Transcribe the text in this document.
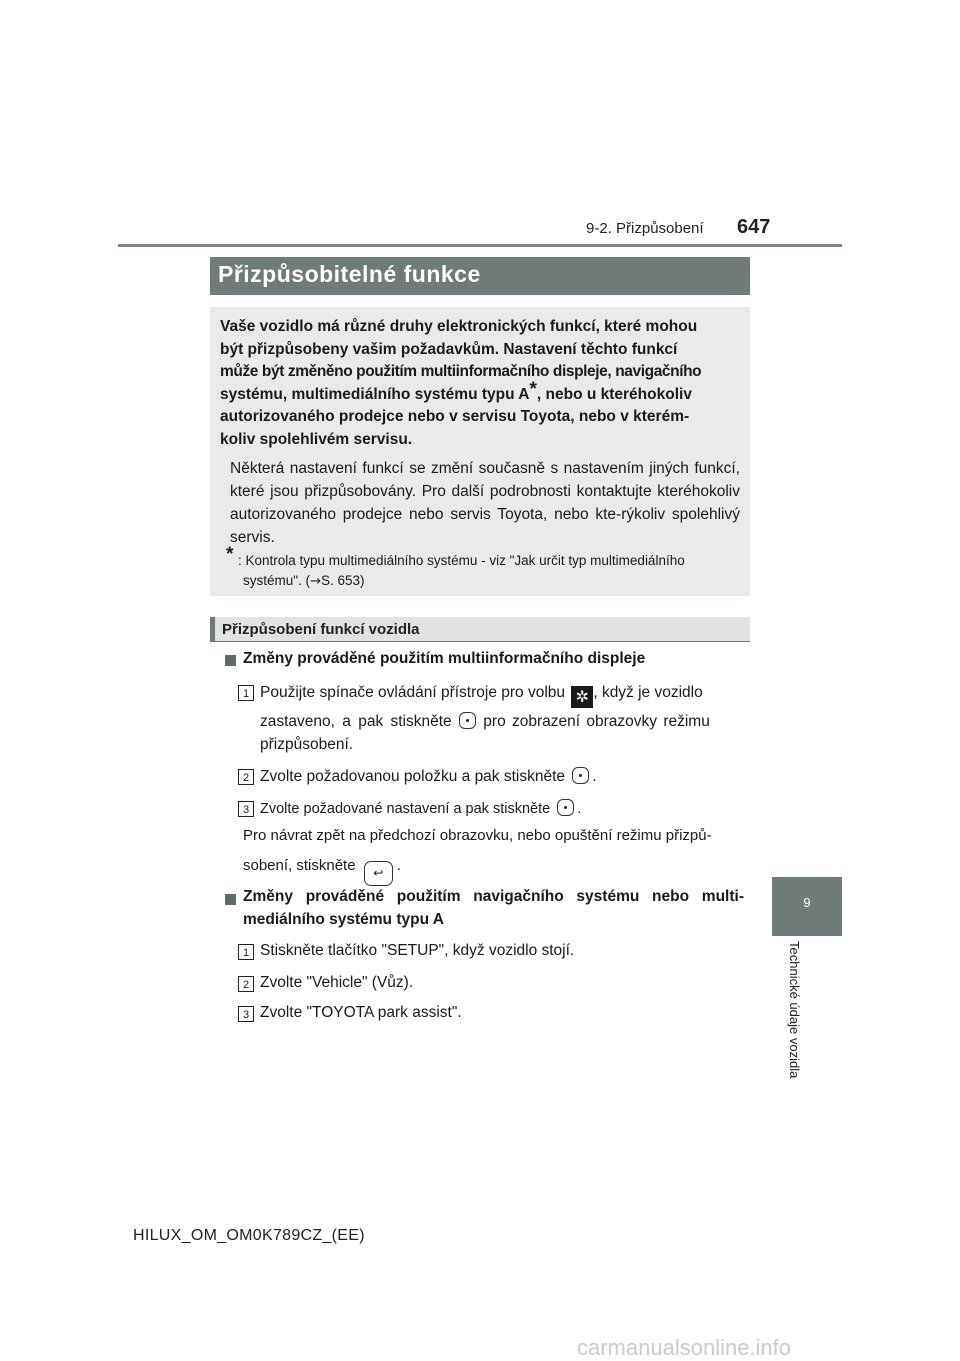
9-2. Přizpůsobení 647
9
Technické údaje vozidla
Přizpůsobitelné funkce
Vaše vozidlo má různé druhy elektronických funkcí, které mohou
být přizpůsobeny vašim požadavkům. Nastavení těchto funkcí
může být změněno použitím multiinformačního displeje, navigačního
systému, multimediálního systému typu A*, nebo u kteréhokoliv
autorizovaného prodejce nebo v servisu Toyota, nebo v kterém-
koliv spolehlivém servisu.
Některá nastavení funkcí se změní současně s nastavením jiných funkcí, které jsou přizpůsobovány. Pro další podrobnosti kontaktujte kteréhokoliv autorizovaného prodejce nebo servis Toyota, nebo kte-rýkoliv spolehlivý servis.
* : Kontrola typu multimediálního systému - viz "Jak určit typ multimediálního
systému". (→S. 653)
Přizpůsobení funkcí vozidla
Změny prováděné použitím multiinformačního displeje
1 Použijte spínače ovládání přístroje pro volbu ✲ , když je vozidlo
zastaveno, a pak stiskněte pro zobrazení obrazovky režimu
přizpůsobení.
2 Zvolte požadovanou položku a pak stiskněte .
3 Zvolte požadované nastavení a pak stiskněte .
Pro návrat zpět na předchozí obrazovku, nebo opuštění režimu přizpů-
sobení, stiskněte ↩ .
Změny prováděné použitím navigačního systému nebo multi-
mediálního systému typu A
1 Stiskněte tlačítko "SETUP", když vozidlo stojí.
2 Zvolte "Vehicle" (Vůz).
3 Zvolte "TOYOTA park assist".
HILUX_OM_OM0K789CZ_(EE)
carmanualsonline.info
